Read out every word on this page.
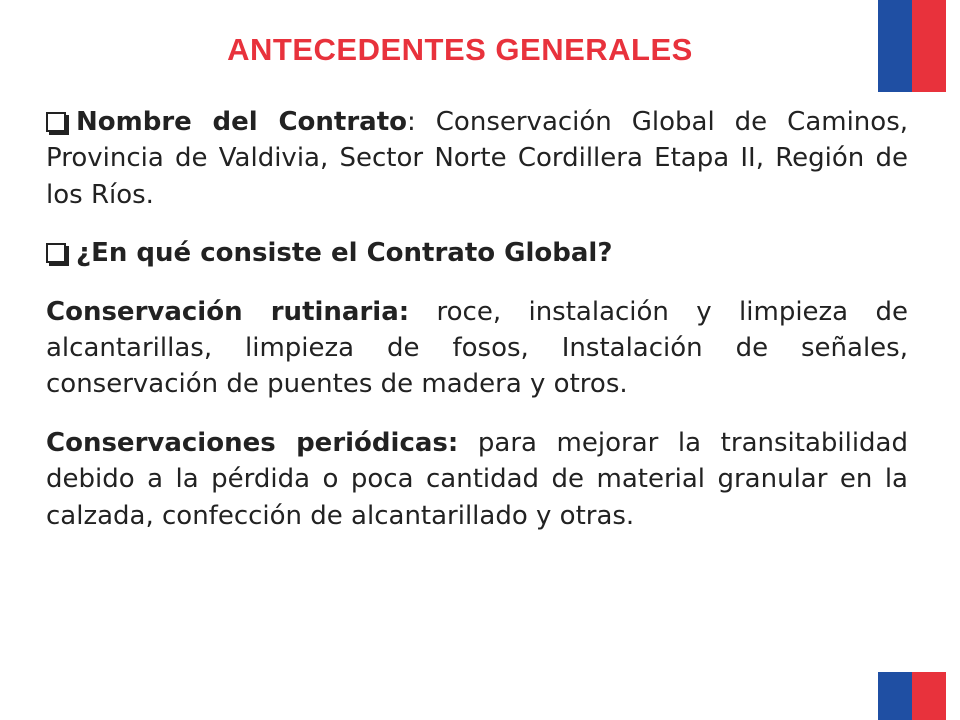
ANTECEDENTES GENERALES

Nombre del Contrato: Conservación Global de Caminos, Provincia de Valdivia, Sector Norte Cordillera Etapa II, Región de los Ríos.

¿En qué consiste el Contrato Global?

Conservación rutinaria: roce, instalación y limpieza de alcantarillas, limpieza de fosos, Instalación de señales, conservación de puentes de madera y otros.

Conservaciones periódicas: para mejorar la transitabilidad debido a la pérdida o poca cantidad de material granular en la calzada, confección de alcantarillado y otras.
